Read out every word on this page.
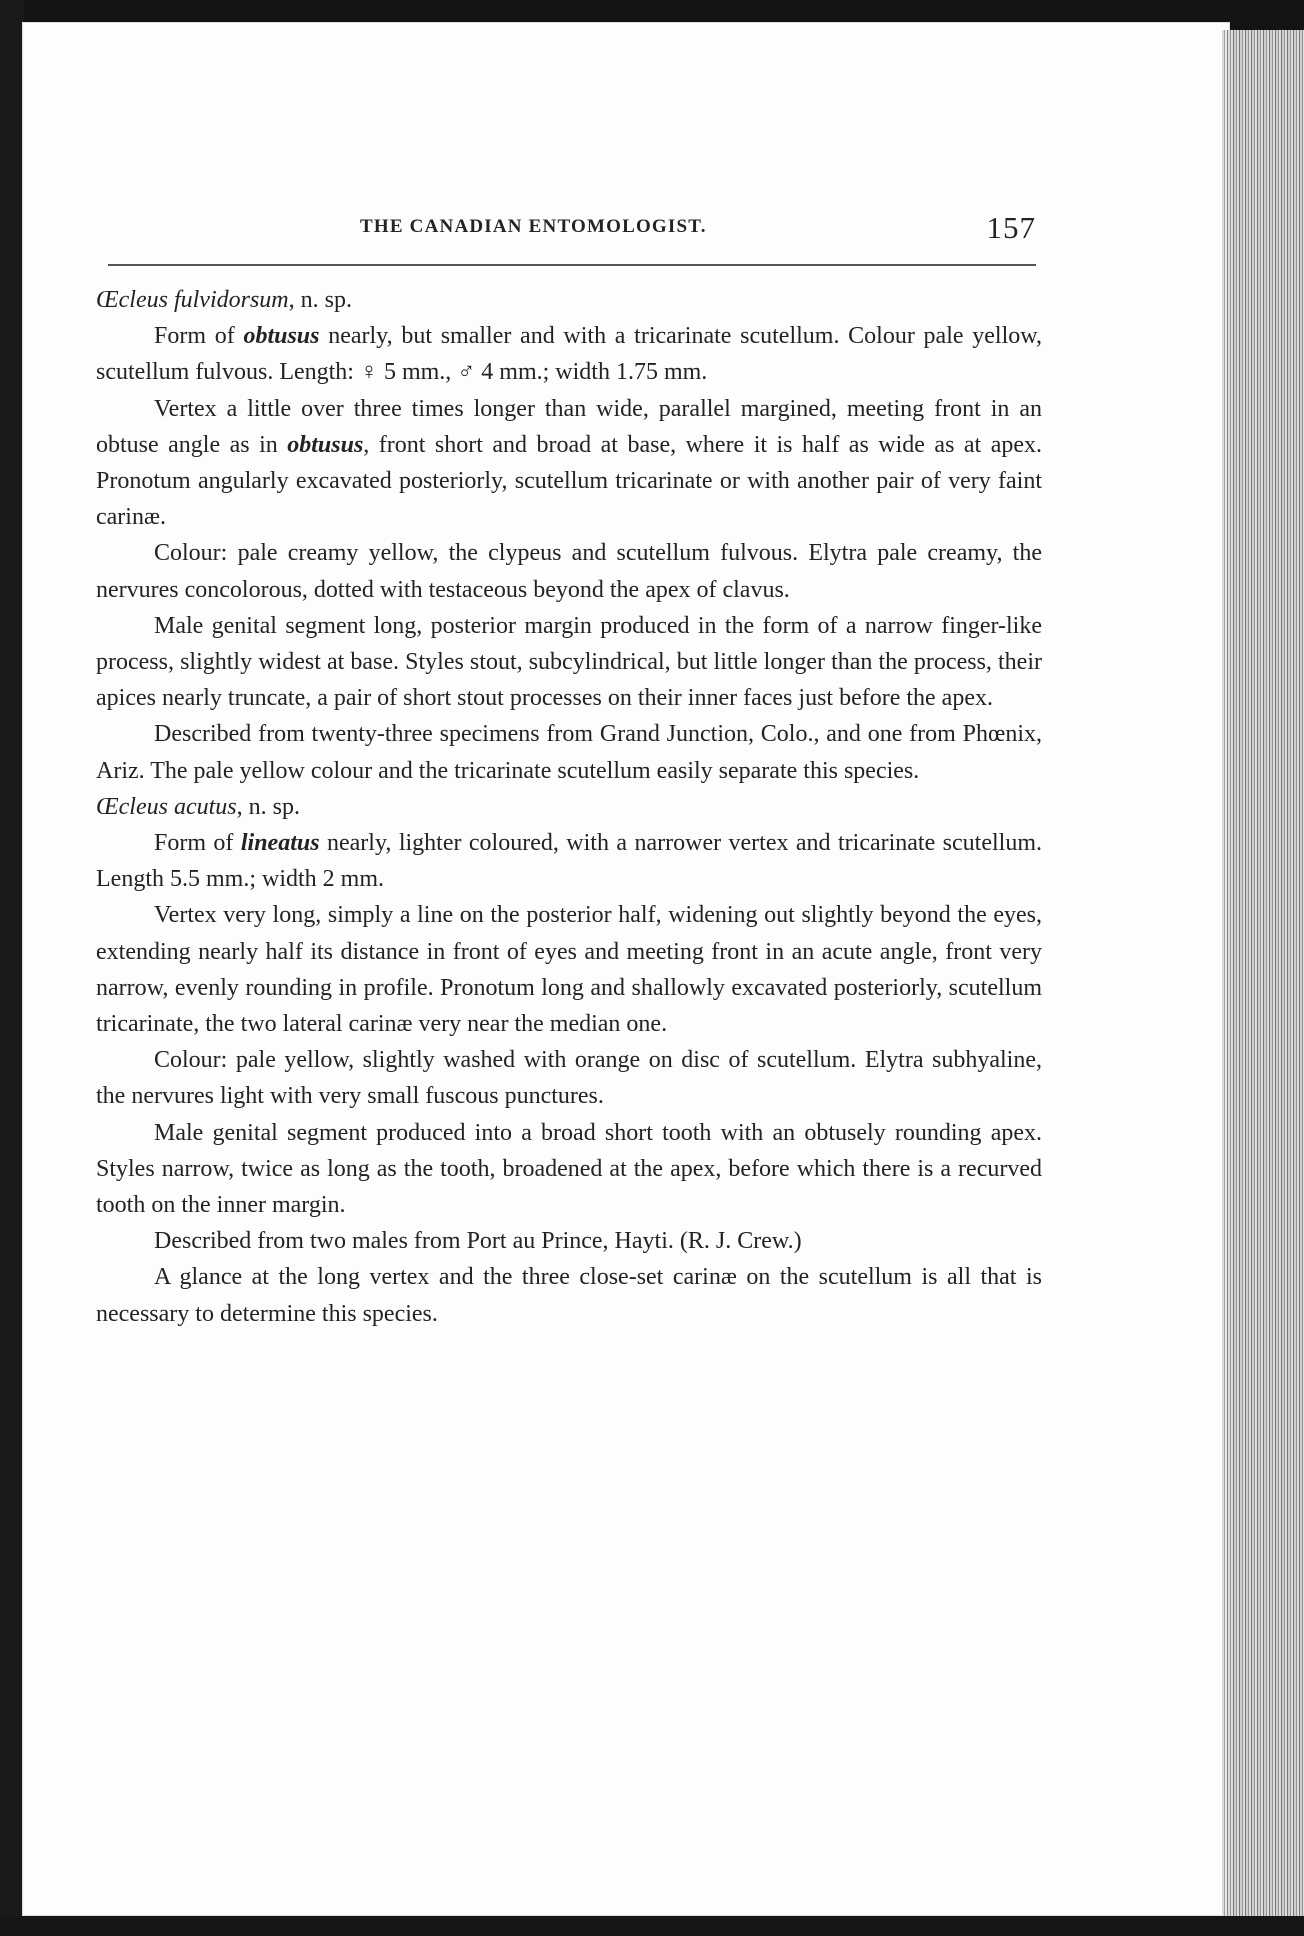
THE CANADIAN ENTOMOLOGIST.	157

Œcleus fulvidorsum, n. sp.

Form of obtusus nearly, but smaller and with a tricarinate scutellum. Colour pale yellow, scutellum fulvous. Length: ♀ 5 mm., ♂ 4 mm.; width 1.75 mm.

Vertex a little over three times longer than wide, parallel margined, meeting front in an obtuse angle as in obtusus, front short and broad at base, where it is half as wide as at apex. Pronotum angularly excavated posteriorly, scutellum tricarinate or with another pair of very faint carinæ.

Colour: pale creamy yellow, the clypeus and scutellum fulvous. Elytra pale creamy, the nervures concolorous, dotted with testaceous beyond the apex of clavus.

Male genital segment long, posterior margin produced in the form of a narrow finger-like process, slightly widest at base. Styles stout, subcylindrical, but little longer than the process, their apices nearly truncate, a pair of short stout processes on their inner faces just before the apex.

Described from twenty-three specimens from Grand Junction, Colo., and one from Phœnix, Ariz. The pale yellow colour and the tricarinate scutellum easily separate this species.

Œcleus acutus, n. sp.

Form of lineatus nearly, lighter coloured, with a narrower vertex and tricarinate scutellum. Length 5.5 mm.; width 2 mm.

Vertex very long, simply a line on the posterior half, widening out slightly beyond the eyes, extending nearly half its distance in front of eyes and meeting front in an acute angle, front very narrow, evenly rounding in profile. Pronotum long and shallowly excavated posteriorly, scutellum tricarinate, the two lateral carinæ very near the median one.

Colour: pale yellow, slightly washed with orange on disc of scutellum. Elytra subhyaline, the nervures light with very small fuscous punctures.

Male genital segment produced into a broad short tooth with an obtusely rounding apex. Styles narrow, twice as long as the tooth, broadened at the apex, before which there is a recurved tooth on the inner margin.

Described from two males from Port au Prince, Hayti. (R. J. Crew.)

A glance at the long vertex and the three close-set carinæ on the scutellum is all that is necessary to determine this species.
